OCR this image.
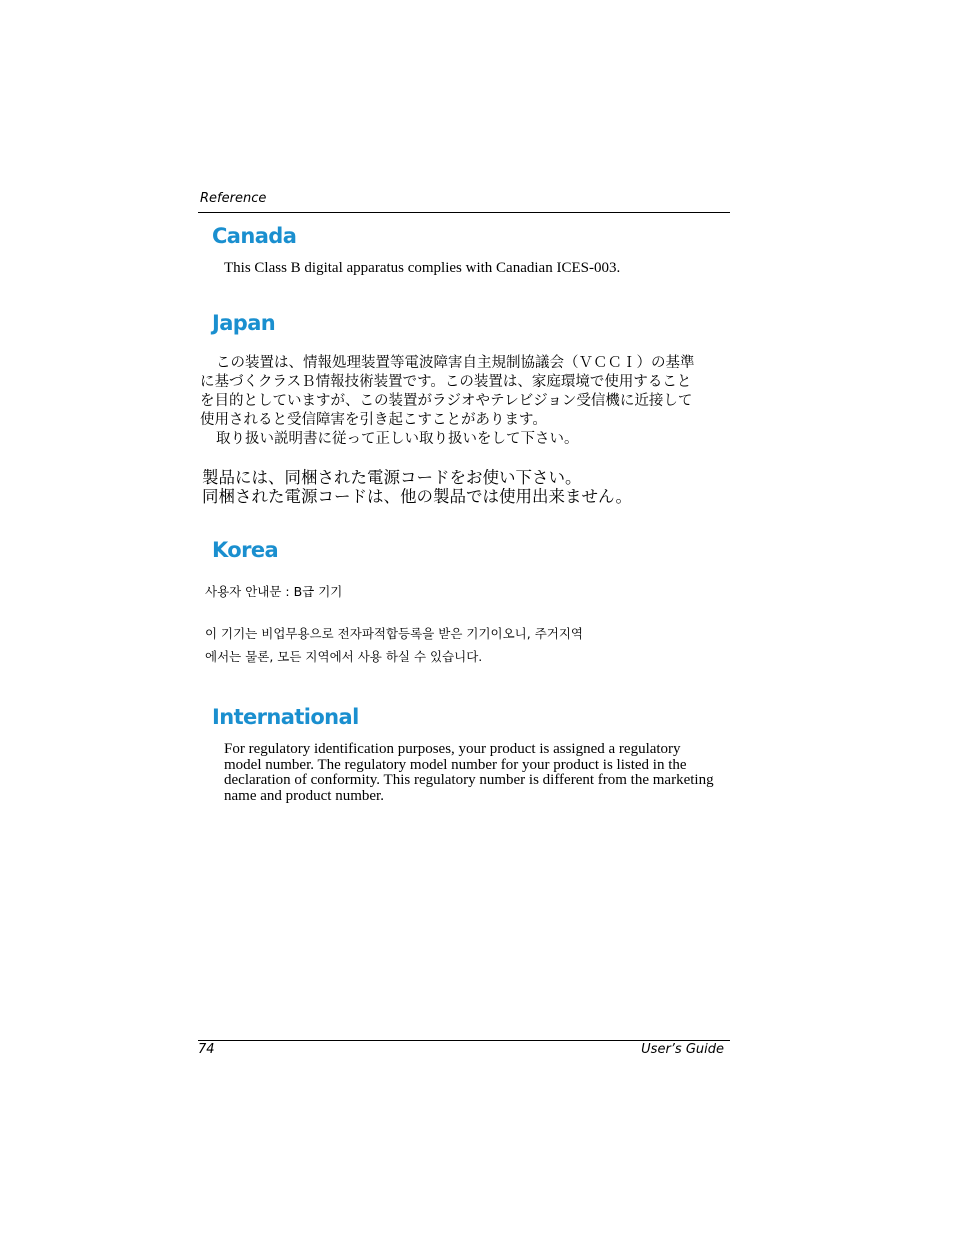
Reference
Canada

This Class B digital apparatus complies with Canadian ICES-003.

Japan
この装置は、情報処理装置等電波障害自主規制協議会（ＶＣＣＩ）の基準
に基づくクラスＢ情報技術装置です。この装置は、家庭環境で使用すること
を目的としていますが、この装置がラジオやテレビジョン受信機に近接して
使用されると受信障害を引き起こすことがあります。
取り扱い説明書に従って正しい取り扱いをして下さい。
製品には、同梱された電源コードをお使い下さい。
同梱された電源コードは、他の製品では使用出来ません。
Korea

사용자 안내문 : B급 기기

이 기기는 비업무용으로 전자파적합등록을 받은 기기이오니, 주거지역
에서는 물론, 모든 지역에서 사용 하실 수 있습니다.
International
For regulatory identification purposes, your product is assigned a regulatory
model number. The regulatory model number for your product is listed in the
declaration of conformity. This regulatory number is different from the marketing
name and product number.
74	User’s Guide
